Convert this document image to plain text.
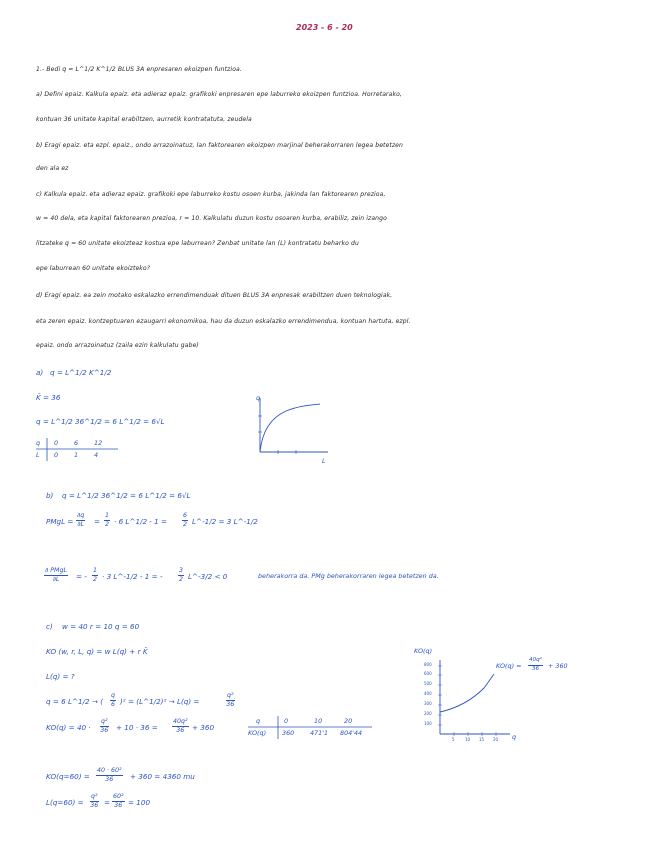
2023 - 6 - 20
1.- Bedi q = L^1/2 K^1/2 BLUS 3A enpresaren ekoizpen funtzioa.
a) Defini epaiz. Kalkula epaiz. eta adieraz epaiz. grafikoki enpresaren epe laburreko ekoizpen funtzioa. Horretarako,
kontuan 36 unitate kapital erabiltzen, aurretik kontratatuta, zeudela
b) Eragi epaiz. eta ezpl. epaiz., ondo arrazoinatuz, lan faktorearen ekoizpen marjinal beherakorraren legea betetzen
den ala ez
c) Kalkula epaiz. eta adieraz epaiz. grafikoki epe laburreko kostu osoen kurba, jakinda lan faktorearen prezioa,
w = 40 dela, eta kapital faktorearen prezioa, r = 10. Kalkulatu duzun kostu osoaren kurba, erabiliz, zein izango
litzateke q = 60 unitate ekoizteaz kostua epe laburrean? Zenbat unitate lan (L) kontratatu beharko du
epe laburrean 60 unitate ekoizteko?
d) Eragi epaiz. ea zein motako eskalazko errendimenduak dituen BLUS 3A enpresak erabiltzen duen teknologiak,
eta zeren epaiz. kontzeptuaren ezaugarri ekonomikoa, hau da duzun eskalazko errendimendua, kontuan hartuta, ezpl.
epaiz. ondo arrazoinatuz (zaila ezin kalkulatu gabe)
a) q = L^1/2 K^1/2
K̄ = 36
q = L^1/2 36^1/2 = 6 L^1/2 = 6√L
q 0 6 12
L 0 1 4
q
L
b) q = L^1/2 36^1/2 = 6 L^1/2 = 6√L
PMgL = $\frac{\partial q}{\partial L} = \frac{1}{2} \cdot 6$ L^1/2 - $1 = \frac{6}{2}$ L^-1/2 = 3 L^-1/2
∂ PMgL
∂L	= - $\frac{1}{2} \cdot 3$ L^-1/2 - 1 = - $\frac{3}{2}$ L^-3/2 < 0	beherakorra da. PMg beherakorraren legea betetzen da.
c) w = 40 r = 10 q = 60
KO (w, r, L, q) = w L(q) + r K̄
L(q) = ?
q = 6 L^1/2 → ( $\frac{q}{6} )^2$ = (L^1/2)² → L(q) =	$\frac{\text{q²}}{36}$
$KO(q) = 40 \cdot \frac{\text{q²}}{36} + 10 \cdot 36 = \frac{\text{40q²}}{36} + 360$
q	0	10	20
KO(q) 360 471'1 804'44
KO(q)
800
600
500
400
300
200
100
5	10 15 20 q
$KO(q) = \frac{\text{40q²}}{36} + 360$
$KO(q=60) = \frac{\text{40 · 60²}}{36} + 360 = 4360$ mu
$L(q=60) = \frac{\text{q²}}{36} = \frac{\text{60²}}{36} = 100$
